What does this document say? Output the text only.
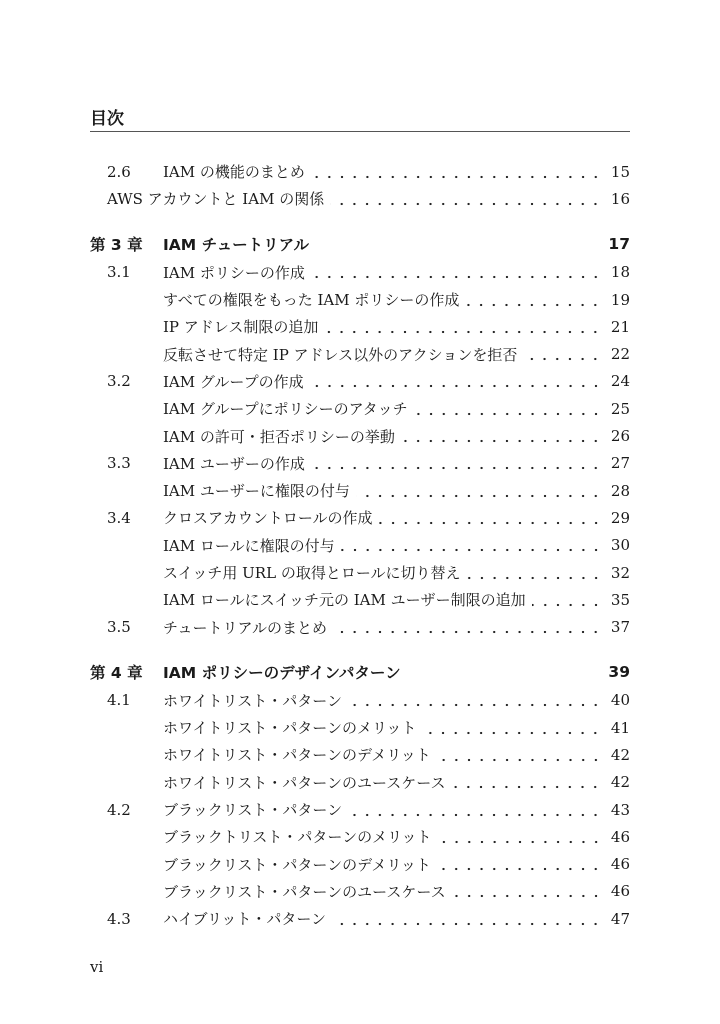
目次
2.6	IAM の機能のまとめ	15
AWS アカウントと IAM の関係	16
第 3 章	IAM チュートリアル	17
3.1	IAM ポリシーの作成	18
すべての権限をもった IAM ポリシーの作成	19
IP アドレス制限の追加	21
反転させて特定 IP アドレス以外のアクションを拒否	22
3.2	IAM グループの作成	24
IAM グループにポリシーのアタッチ	25
IAM の許可・拒否ポリシーの挙動	26
3.3	IAM ユーザーの作成	27
IAM ユーザーに権限の付与	28
3.4	クロスアカウントロールの作成	29
IAM ロールに権限の付与	30
スイッチ用 URL の取得とロールに切り替え	32
IAM ロールにスイッチ元の IAM ユーザー制限の追加	35
3.5	チュートリアルのまとめ	37
第 4 章	IAM ポリシーのデザインパターン	39
4.1	ホワイトリスト・パターン	40
ホワイトリスト・パターンのメリット	41
ホワイトリスト・パターンのデメリット	42
ホワイトリスト・パターンのユースケース	42
4.2	ブラックリスト・パターン	43
ブラックトリスト・パターンのメリット	46
ブラックリスト・パターンのデメリット	46
ブラックリスト・パターンのユースケース	46
4.3	ハイブリット・パターン	47
vi
